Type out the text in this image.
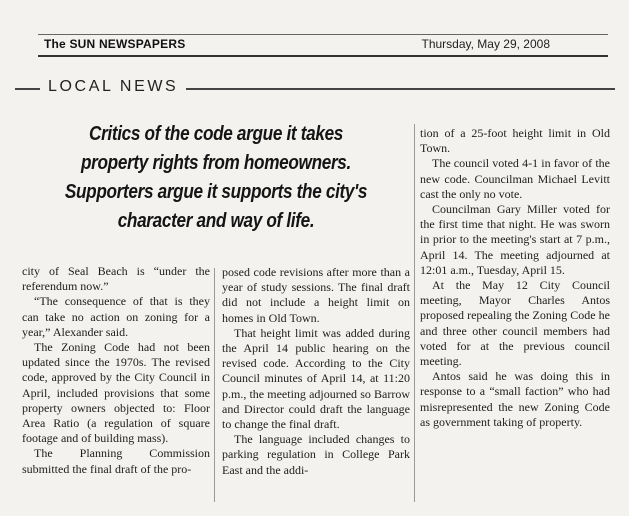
The SUN NEWSPAPERS	Thursday, May 29, 2008
LOCAL NEWS
Critics of the code argue it takes
property rights from homeowners.
Supporters argue it supports the city's
character and way of life.

city of Seal Beach is “under the referendum now.”

“The consequence of that is they can take no action on zoning for a year,” Alexander said.

The Zoning Code had not been updated since the 1970s. The revised code, approved by the City Council in April, included provisions that some property owners objected to: Floor Area Ratio (a regulation of square footage and of building mass).

The Planning Commission submitted the final draft of the pro-

posed code revisions after more than a year of study sessions. The final draft did not include a height limit on homes in Old Town.

That height limit was added during the April 14 public hearing on the revised code. According to the City Council minutes of April 14, at 11:20 p.m., the meeting adjourned so Barrow and Director could draft the language to change the final draft.

The language included changes to parking regulation in College Park East and the addi-

tion of a 25-foot height limit in Old Town.

The council voted 4-1 in favor of the new code. Councilman Michael Levitt cast the only no vote.

Councilman Gary Miller voted for the first time that night. He was sworn in prior to the meeting's start at 7 p.m., April 14. The meeting adjourned at 12:01 a.m., Tuesday, April 15.

At the May 12 City Council meeting, Mayor Charles Antos proposed repealing the Zoning Code he and three other council members had voted for at the previous council meeting.

Antos said he was doing this in response to a “small faction” who had misrepresented the new Zoning Code as government taking of property.
